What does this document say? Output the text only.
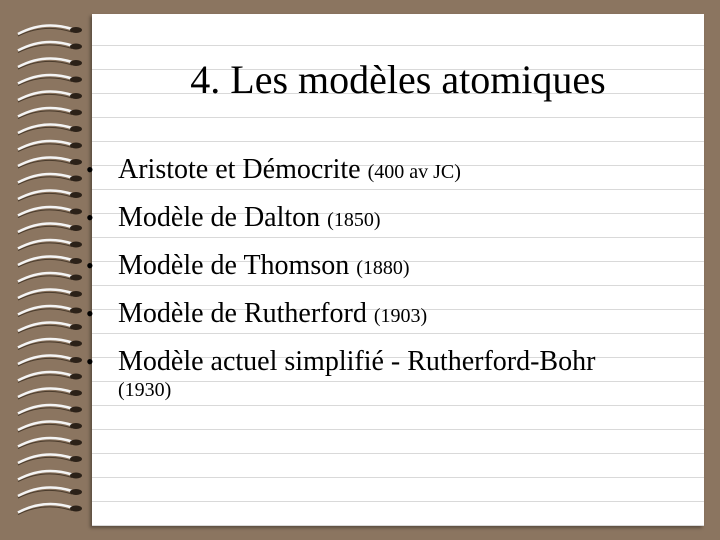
4. Les modèles atomiques
• Aristote et Démocrite (400 av JC)
• Modèle de Dalton (1850)
• Modèle de Thomson (1880)
• Modèle de Rutherford (1903)
• Modèle actuel simplifié - Rutherford-Bohr
(1930)
